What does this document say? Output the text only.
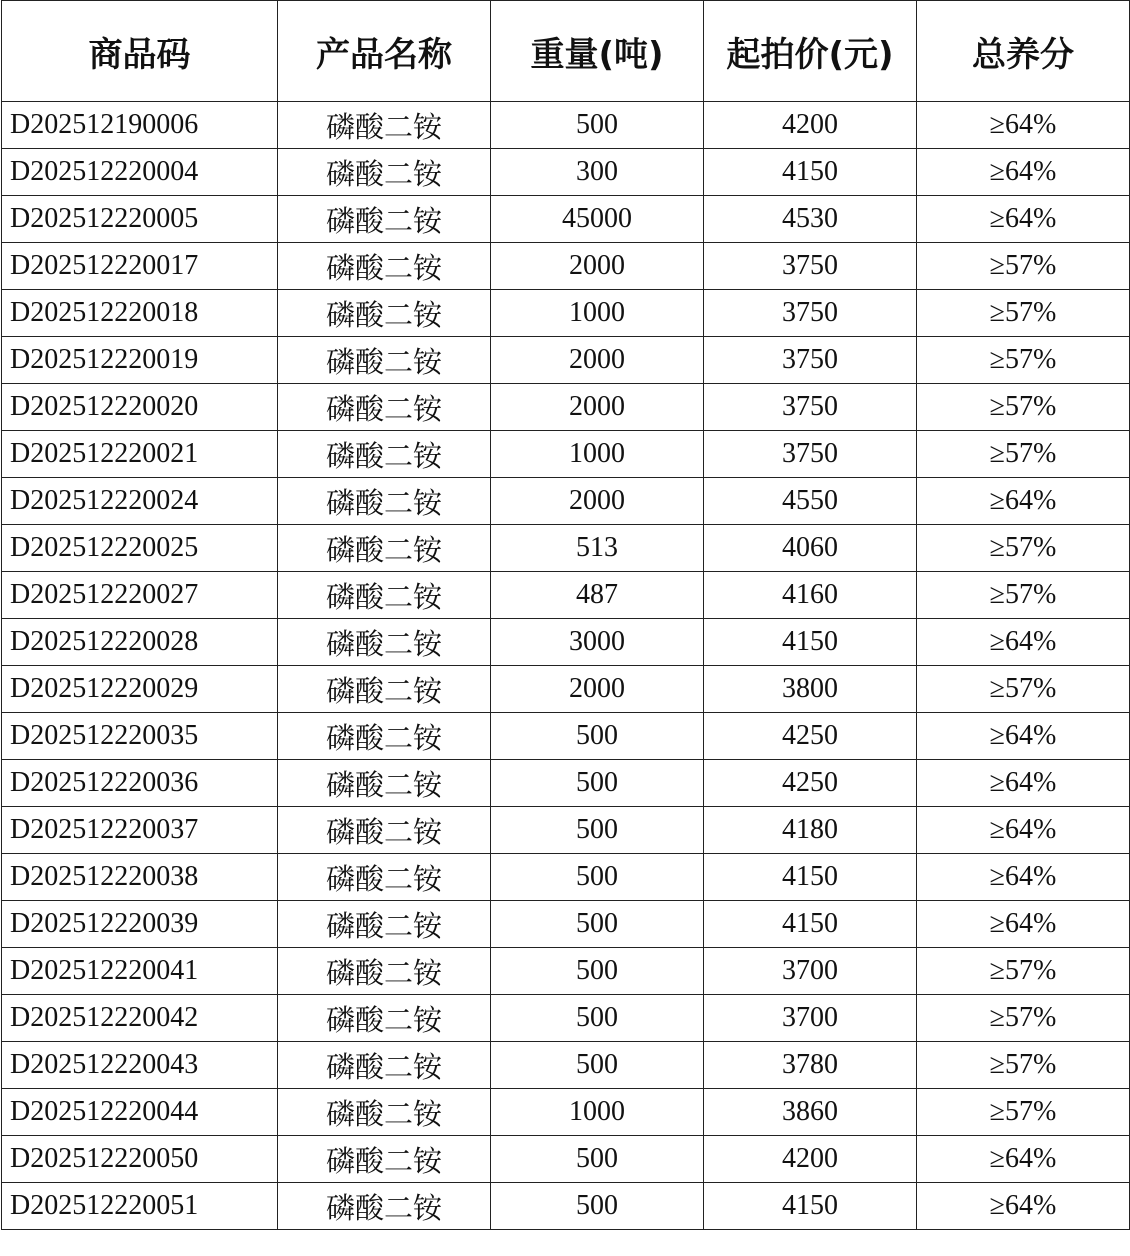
商品码	产品名称	重量(吨)	起拍价(元)	总养分
D202512190006	磷酸二铵	500	4200	≥64%
D202512220004	磷酸二铵	300	4150	≥64%
D202512220005	磷酸二铵	45000	4530	≥64%
D202512220017	磷酸二铵	2000	3750	≥57%
D202512220018	磷酸二铵	1000	3750	≥57%
D202512220019	磷酸二铵	2000	3750	≥57%
D202512220020	磷酸二铵	2000	3750	≥57%
D202512220021	磷酸二铵	1000	3750	≥57%
D202512220024	磷酸二铵	2000	4550	≥64%
D202512220025	磷酸二铵	513	4060	≥57%
D202512220027	磷酸二铵	487	4160	≥57%
D202512220028	磷酸二铵	3000	4150	≥64%
D202512220029	磷酸二铵	2000	3800	≥57%
D202512220035	磷酸二铵	500	4250	≥64%
D202512220036	磷酸二铵	500	4250	≥64%
D202512220037	磷酸二铵	500	4180	≥64%
D202512220038	磷酸二铵	500	4150	≥64%
D202512220039	磷酸二铵	500	4150	≥64%
D202512220041	磷酸二铵	500	3700	≥57%
D202512220042	磷酸二铵	500	3700	≥57%
D202512220043	磷酸二铵	500	3780	≥57%
D202512220044	磷酸二铵	1000	3860	≥57%
D202512220050	磷酸二铵	500	4200	≥64%
D202512220051	磷酸二铵	500	4150	≥64%
